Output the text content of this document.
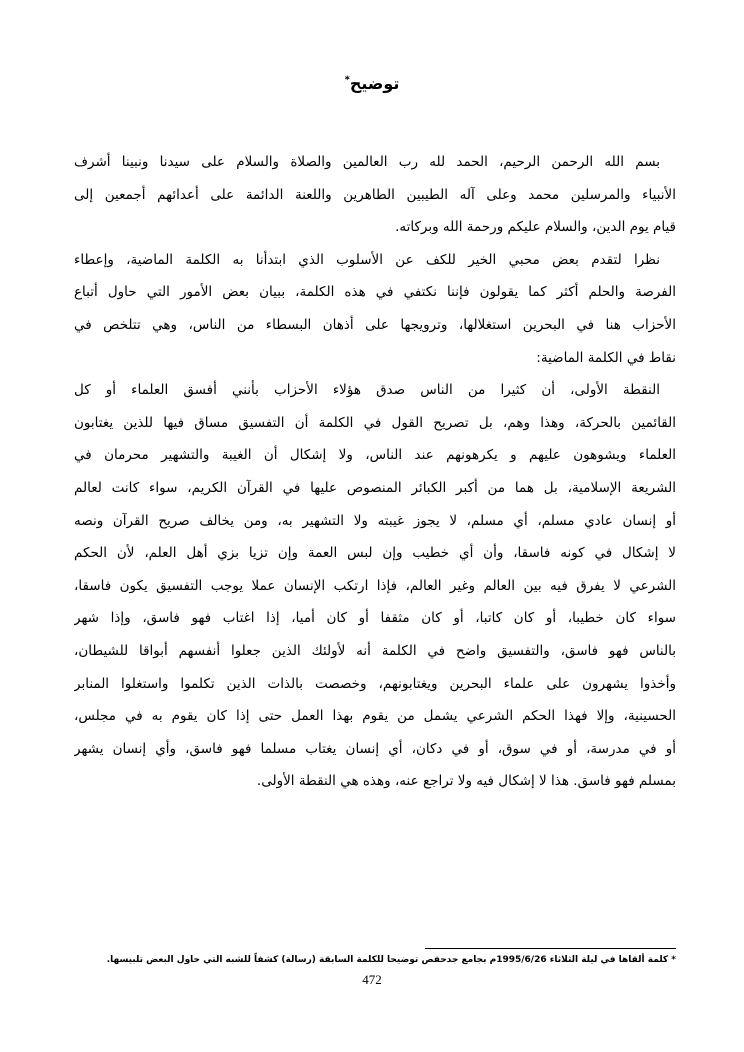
توضيح*

بسم الله الرحمن الرحيم، الحمد لله رب العالمين والصلاة والسلام على سيدنا ونبينا أشرف
الأنبياء والمرسلين محمد وعلى آله الطيبين الطاهرين واللعنة الدائمة على أعدائهم أجمعين إلى
قيام يوم الدين، والسلام عليكم ورحمة الله وبركاته.

نظرا لتقدم بعض محبي الخير للكف عن الأسلوب الذي ابتدأنا به الكلمة الماضية، وإعطاء
الفرصة والحلم أكثر كما يقولون فإننا نكتفي في هذه الكلمة، ببيان بعض الأمور التي حاول أتباع
الأحزاب هنا في البحرين استغلالها، وترويجها على أذهان البسطاء من الناس، وهي تتلخص في
نقاط في الكلمة الماضية:

النقطة الأولى، أن كثيرا من الناس صدق هؤلاء الأحزاب بأنني أفسق العلماء أو كل
القائمين بالحركة، وهذا وهم، بل تصريح القول في الكلمة أن التفسيق مساق فيها للذين يغتابون
العلماء ويشوهون عليهم و يكرهونهم عند الناس، ولا إشكال أن الغيبة والتشهير محرمان في
الشريعة الإسلامية، بل هما من أكبر الكبائر المنصوص عليها في القرآن الكريم، سواء كانت لعالم
أو إنسان عادي مسلم، أي مسلم، لا يجوز غيبته ولا التشهير به، ومن يخالف صريح القرآن ونصه
لا إشكال في كونه فاسقا، وأن أي خطيب وإن لبس العمة وإن تزيا بزي أهل العلم، لأن الحكم
الشرعي لا يفرق فيه بين العالم وغير العالم، فإذا ارتكب الإنسان عملا يوجب التفسيق يكون فاسقا،
سواء كان خطيبا، أو كان كاتبا، أو كان مثقفا أو كان أميا، إذا اغتاب فهو فاسق، وإذا شهر
بالناس فهو فاسق، والتفسيق واضح في الكلمة أنه لأولئك الذين جعلوا أنفسهم أبواقا للشيطان،
وأخذوا يشهرون على علماء البحرين ويغتابونهم، وخصصت بالذات الذين تكلموا واستغلوا المنابر
الحسينية، وإلا فهذا الحكم الشرعي يشمل من يقوم بهذا العمل حتى إذا كان يقوم به في مجلس،
أو في مدرسة، أو في سوق، أو في دكان، أي إنسان يغتاب مسلما فهو فاسق، وأي إنسان يشهر
بمسلم فهو فاسق. هذا لا إشكال فيه ولا تراجع عنه، وهذه هي النقطة الأولى.

* كلمة ألقاها في ليلة الثلاثاء 1995/6/26م بجامع جدحفص توضيحا للكلمة السابقة (رسالة) كشفاً للشبه التي حاول البعض تلبيسها.
472
